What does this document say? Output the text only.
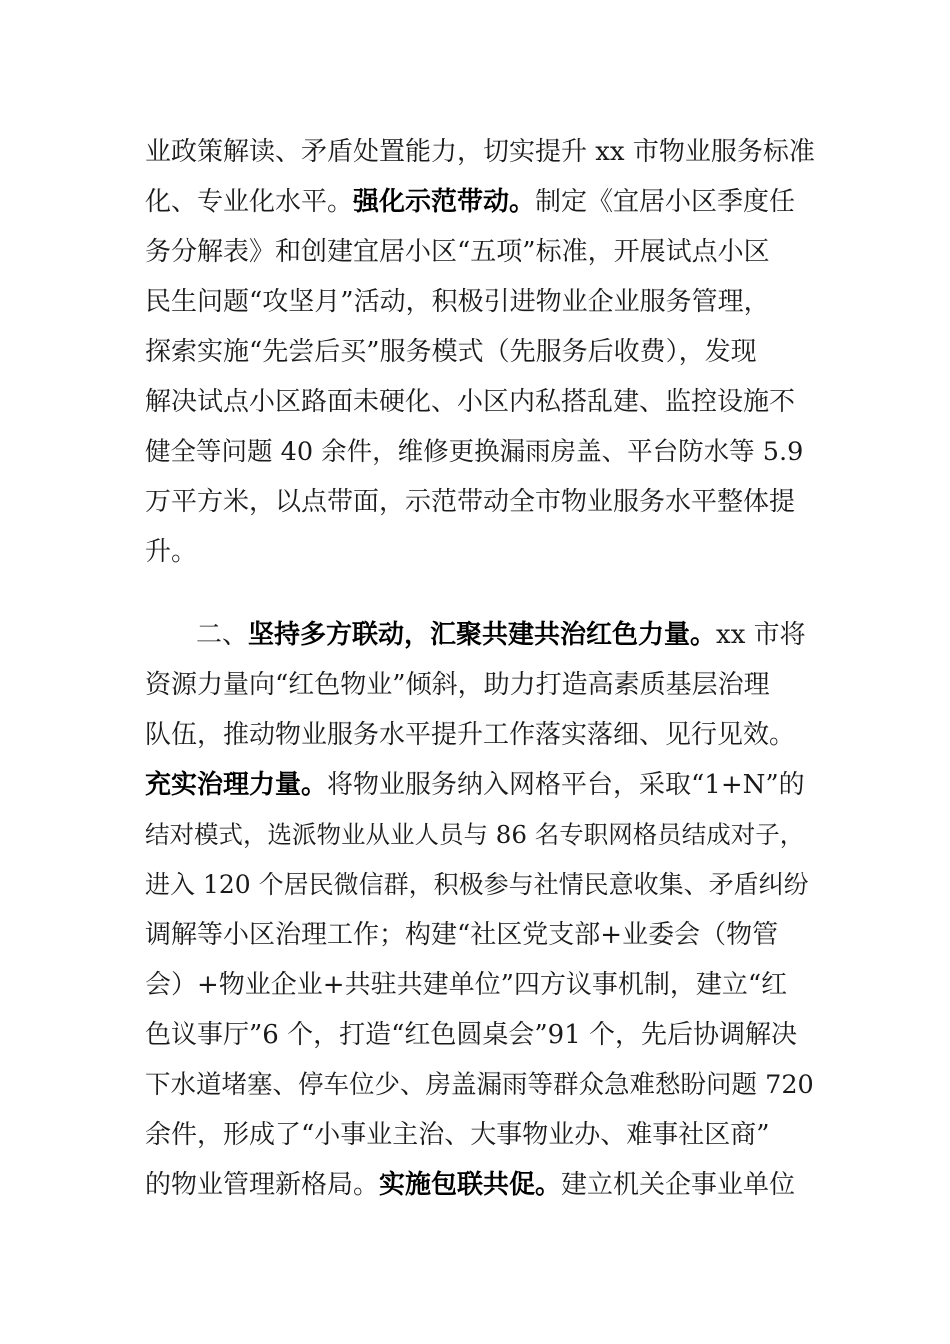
业政策解读、矛盾处置能力，切实提升 xx 市物业服务标准
化、专业化水平。强化示范带动。制定《宜居小区季度任
务分解表》和创建宜居小区“五项”标准，开展试点小区
民生问题“攻坚月”活动，积极引进物业企业服务管理，
探索实施“先尝后买”服务模式（先服务后收费），发现
解决试点小区路面未硬化、小区内私搭乱建、监控设施不
健全等问题 40 余件，维修更换漏雨房盖、平台防水等 5.9
万平方米，以点带面，示范带动全市物业服务水平整体提
升。
二、坚持多方联动，汇聚共建共治红色力量。xx 市将
资源力量向“红色物业”倾斜，助力打造高素质基层治理
队伍，推动物业服务水平提升工作落实落细、见行见效。
充实治理力量。将物业服务纳入网格平台，采取“1+N”的
结对模式，选派物业从业人员与 86 名专职网格员结成对子，
进入 120 个居民微信群，积极参与社情民意收集、矛盾纠纷
调解等小区治理工作；构建“社区党支部+业委会（物管
会）+物业企业+共驻共建单位”四方议事机制，建立“红
色议事厅”6 个，打造“红色圆桌会”91 个，先后协调解决
下水道堵塞、停车位少、房盖漏雨等群众急难愁盼问题 720
余件，形成了“小事业主治、大事物业办、难事社区商”
的物业管理新格局。实施包联共促。建立机关企事业单位
